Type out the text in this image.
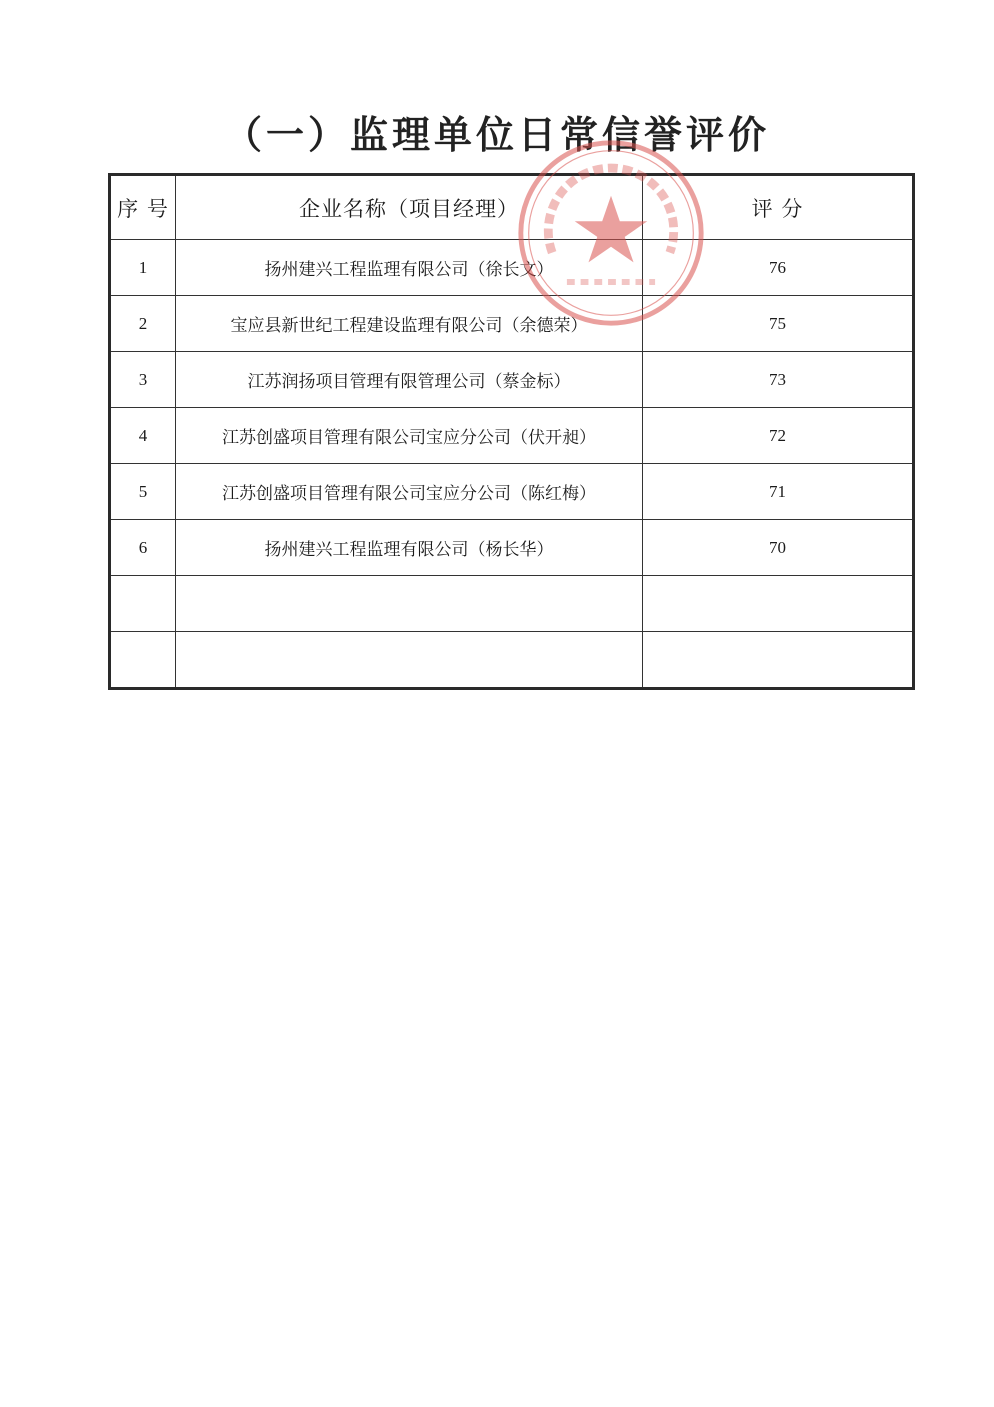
（一）监理单位日常信誉评价
序 号	企业名称（项目经理）	评 分
1	扬州建兴工程监理有限公司（徐长文）	76
2	宝应县新世纪工程建设监理有限公司（余德荣）	75
3	江苏润扬项目管理有限管理公司（蔡金标）	73
4	江苏创盛项目管理有限公司宝应分公司（伏开昶）	72
5	江苏创盛项目管理有限公司宝应分公司（陈红梅）	71
6	扬州建兴工程监理有限公司（杨长华）	70
